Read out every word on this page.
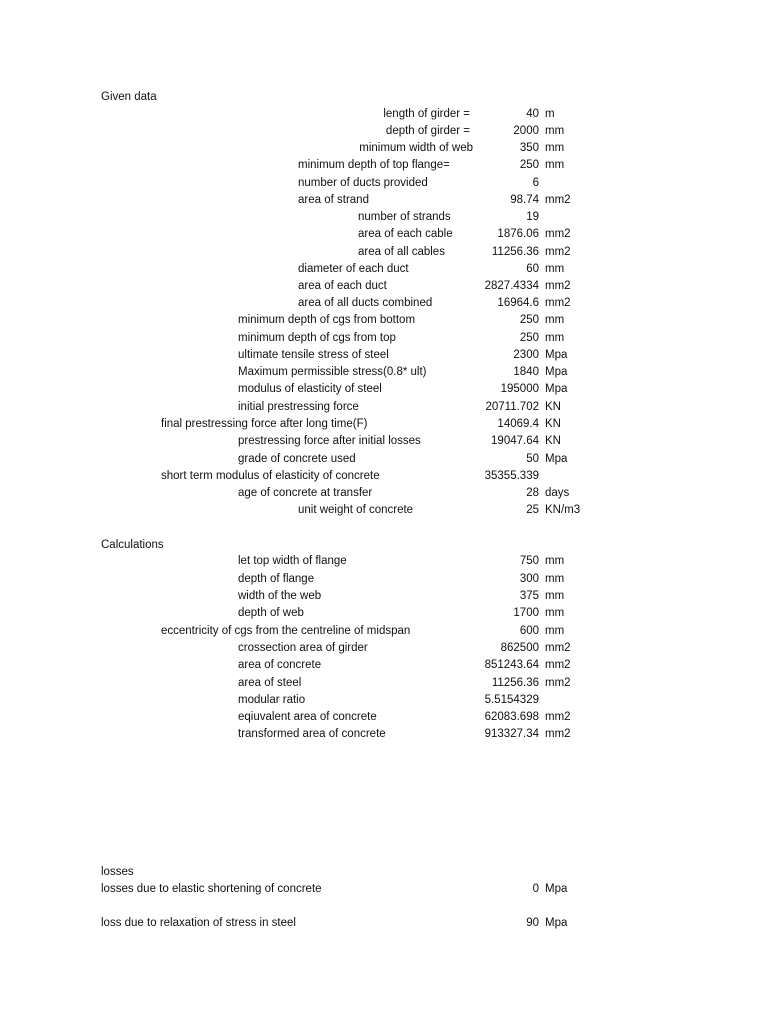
Given data
Calculations
losses
length of girder =	40 m
depth of girder =	2000 mm
minimum width of web	350 mm
minimum depth of top flange=	250 mm
number of ducts provided	6
area of strand	98.74 mm2
number of strands	19
area of each cable	1876.06 mm2
area of all cables	11256.36 mm2
diameter of each duct	60 mm
area of each duct	2827.4334 mm2
area of all ducts combined	16964.6 mm2
minimum depth of cgs from bottom	250 mm
minimum depth of cgs from top	250 mm
ultimate tensile stress of steel	2300 Mpa
Maximum permissible stress(0.8* ult)	1840 Mpa
modulus of elasticity of steel	195000 Mpa
initial prestressing force	20711.702 KN
final prestressing force after long time(F)	14069.4 KN
prestressing force after initial losses	19047.64 KN
grade of concrete used	50 Mpa
short term modulus of elasticity of concrete	35355.339
age of concrete at transfer	28 days
unit weight of concrete	25 KN/m3
let top width of flange	750 mm
depth of flange	300 mm
width of the web	375 mm
depth of web	1700 mm
eccentricity of cgs from the centreline of midspan	600 mm
crossection area of girder	862500 mm2
area of concrete	851243.64 mm2
area of steel	11256.36 mm2
modular ratio	5.5154329
eqiuvalent area of concrete	62083.698 mm2
transformed area of concrete	913327.34 mm2
losses due to elastic shortening of concrete	0 Mpa
loss due to relaxation of stress in steel	90 Mpa
